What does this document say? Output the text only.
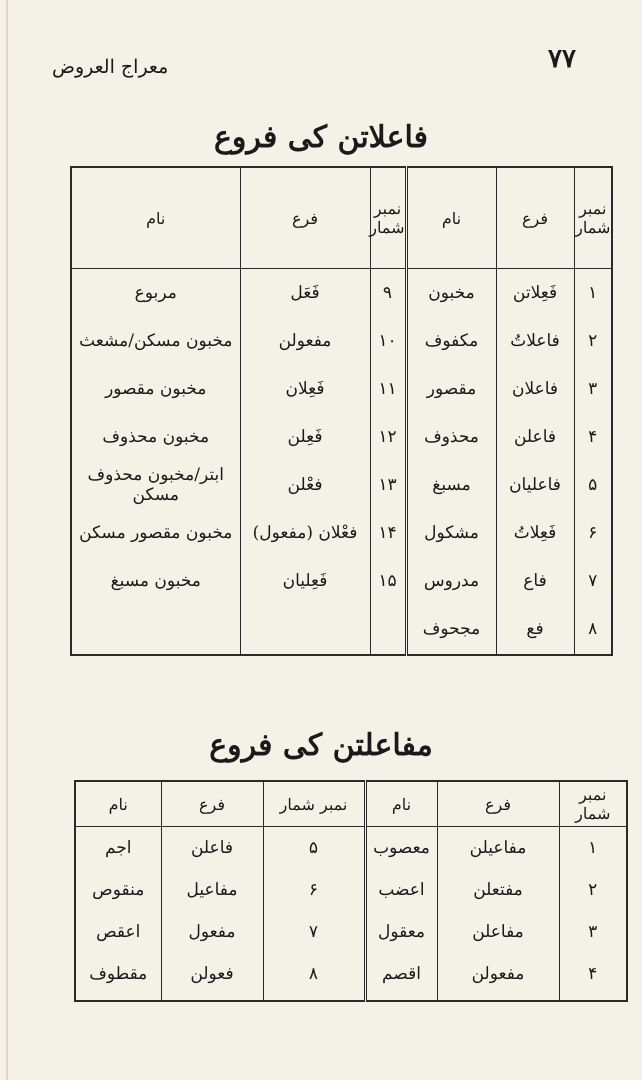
۷۷
معراج العروض
فاعلاتن کی فروع
نمبر شمار	فرع	نام	نمبر شمار	فرع	نام
۱	فَعِلاتن	مخبون	۹	فَعَل	مربوع
۲	فاعلاتُ	مکفوف	۱۰	مفعولن	مخبون مسکن/مشعث
۳	فاعلان	مقصور	۱۱	فَعِلان	مخبون مقصور
۴	فاعلن	محذوف	۱۲	فَعِلن	مخبون محذوف
۵	فاعلیان	مسبغ	۱۳	فعْلن	ابتر/مخبون محذوف مسکن
۶	فَعِلاتُ	مشکول	۱۴	فعْلان (مفعول)	مخبون مقصور مسکن
۷	فاع	مدروس	۱۵	فَعِلیان	مخبون مسبغ
۸	فع	مجحوف			

مفاعلتن کی فروع
نمبر شمار	فرع	نام	نمبر شمار	فرع	نام
۱	مفاعیلن	معصوب	۵	فاعلن	اجم
۲	مفتعلن	اعضب	۶	مفاعیل	منقوص
۳	مفاعلن	معقول	۷	مفعول	اعقص
۴	مفعولن	اقصم	۸	فعولن	مقطوف
